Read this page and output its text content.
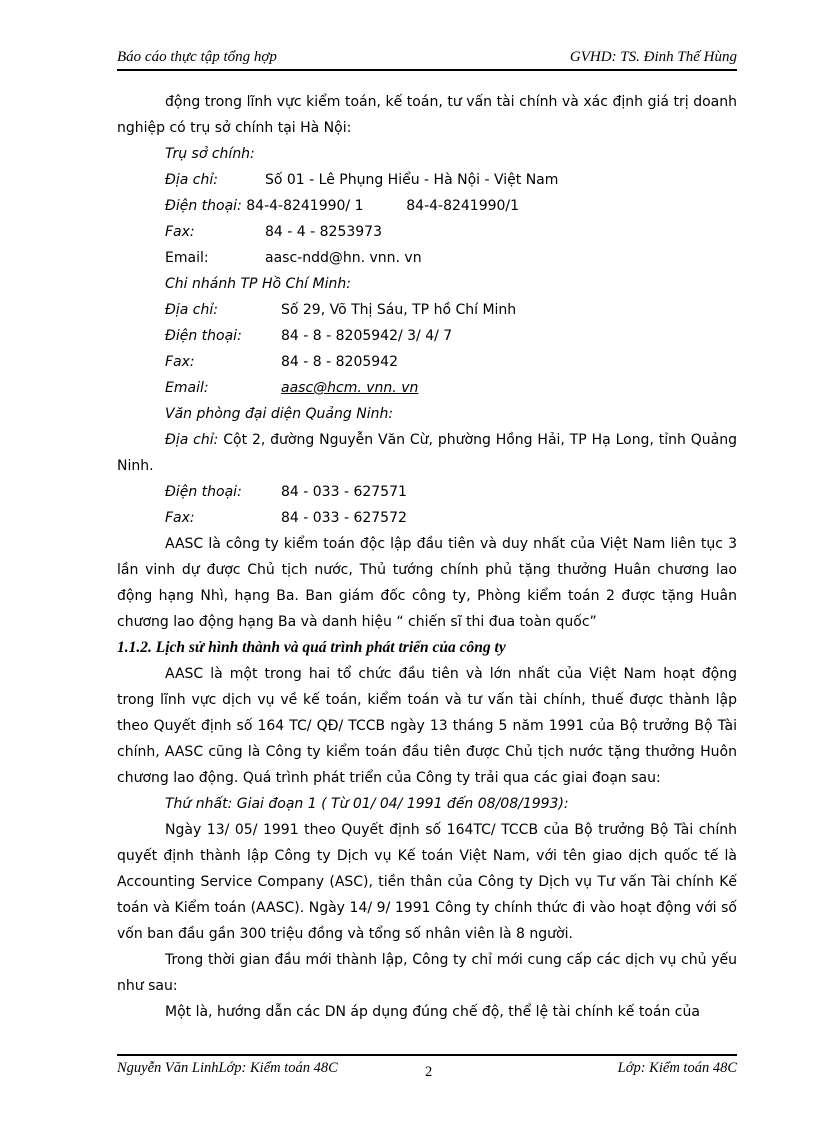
Báo cáo thực tập tổng hợp	GVHD: TS. Đinh Thế Hùng

động trong lĩnh vực kiểm toán, kế toán, tư vấn tài chính và xác định giá trị doanh nghiệp có trụ sở chính tại Hà Nội:

Trụ sở chính:
Địa chỉ:	Số 01 - Lê Phụng Hiểu - Hà Nội - Việt Nam
Điện thoại: 84-4-8241990/ 1	84-4-8241990/1
Fax:	84 - 4 - 8253973
Email:	aasc-ndd@hn. vnn. vn
Chi nhánh TP Hồ Chí Minh:
Địa chỉ:	Số 29, Võ Thị Sáu, TP hồ Chí Minh
Điện thoại:	84 - 8 - 8205942/ 3/ 4/ 7
Fax:	84 - 8 - 8205942
Email:	aasc@hcm. vnn. vn
Văn phòng đại diện Quảng Ninh:

Địa chỉ: Cột 2, đường Nguyễn Văn Cừ, phường Hồng Hải, TP Hạ Long, tỉnh Quảng Ninh.

Điện thoại:	84 - 033 - 627571
Fax:	84 - 033 - 627572

AASC là công ty kiểm toán độc lập đầu tiên và duy nhất của Việt Nam liên tục 3 lần vinh dự được Chủ tịch nước, Thủ tướng chính phủ tặng thưởng Huân chương lao động hạng Nhì, hạng Ba. Ban giám đốc công ty, Phòng kiểm toán 2 được tặng Huân chương lao động hạng Ba và danh hiệu “ chiến sĩ thi đua toàn quốc”

1.1.2. Lịch sử hình thành và quá trình phát triển của công ty

AASC là một trong hai tổ chức đầu tiên và lớn nhất của Việt Nam hoạt động trong lĩnh vực dịch vụ về kế toán, kiểm toán và tư vấn tài chính, thuế được thành lập theo Quyết định số 164 TC/ QĐ/ TCCB ngày 13 tháng 5 năm 1991 của Bộ trưởng Bộ Tài chính, AASC cũng là Công ty kiểm toán đầu tiên được Chủ tịch nước tặng thưởng Huôn chương lao động. Quá trình phát triển của Công ty trải qua các giai đoạn sau:

Thứ nhất: Giai đoạn 1 ( Từ 01/ 04/ 1991 đến 08/08/1993):

Ngày 13/ 05/ 1991 theo Quyết định số 164TC/ TCCB của Bộ trưởng Bộ Tài chính quyết định thành lập Công ty Dịch vụ Kế toán Việt Nam, với tên giao dịch quốc tế là Accounting Service Company (ASC), tiền thân của Công ty Dịch vụ Tư vấn Tài chính Kế toán và Kiểm toán (AASC). Ngày 14/ 9/ 1991 Công ty chính thức đi vào hoạt động với số vốn ban đầu gần 300 triệu đồng và tổng số nhân viên là 8 người.

Trong thời gian đầu mới thành lập, Công ty chỉ mới cung cấp các dịch vụ chủ yếu như sau:

Một là, hướng dẫn các DN áp dụng đúng chế độ, thể lệ tài chính kế toán của

Nguyễn Văn LinhLớp: Kiểm toán 48C	2	Lớp: Kiểm toán 48C
